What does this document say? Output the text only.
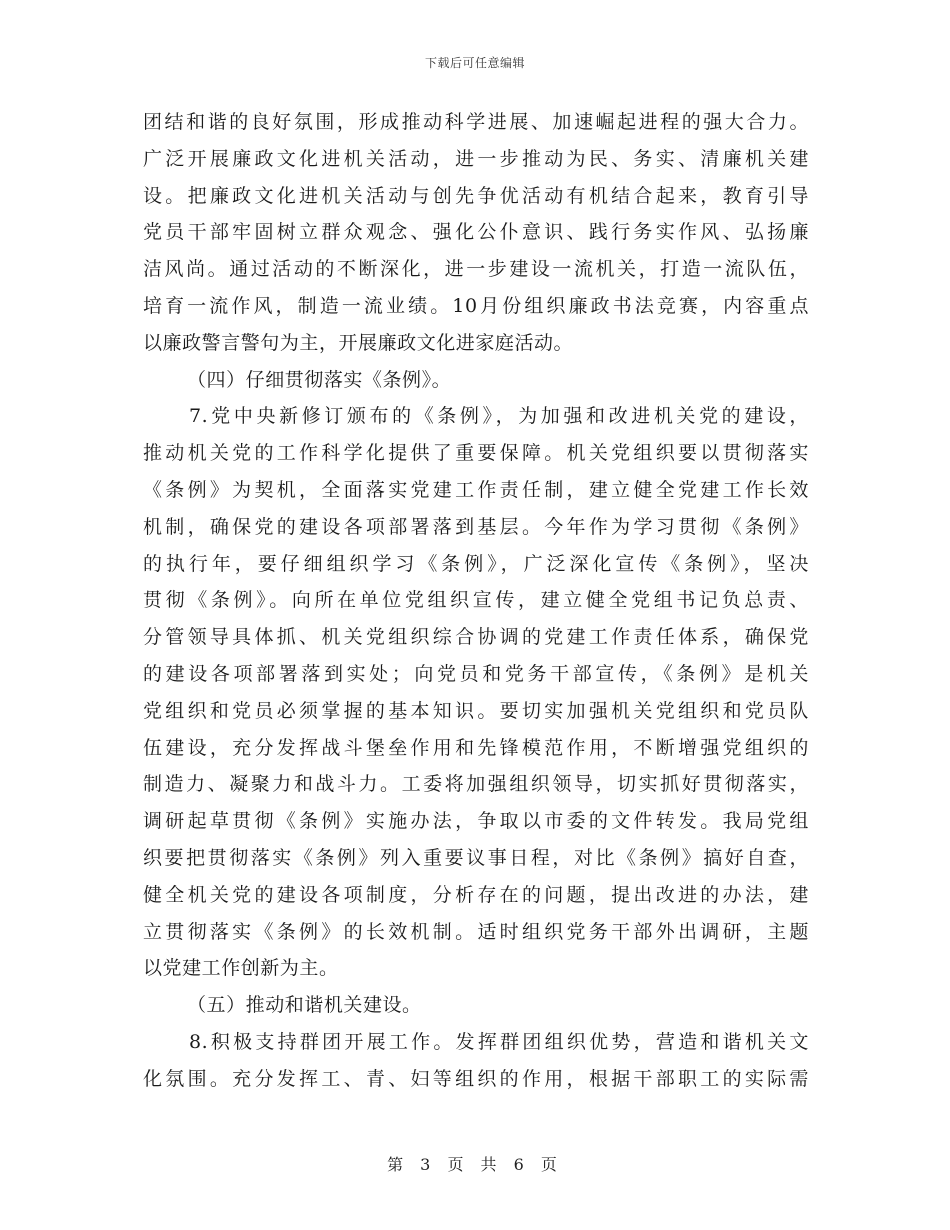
下载后可任意编辑
团结和谐的良好氛围，形成推动科学进展、加速崛起进程的强大合力。
广泛开展廉政文化进机关活动，进一步推动为民、务实、清廉机关建
设。把廉政文化进机关活动与创先争优活动有机结合起来，教育引导
党员干部牢固树立群众观念、强化公仆意识、践行务实作风、弘扬廉
洁风尚。通过活动的不断深化，进一步建设一流机关，打造一流队伍，
培育一流作风，制造一流业绩。10月份组织廉政书法竞赛，内容重点
以廉政警言警句为主，开展廉政文化进家庭活动。
（四）仔细贯彻落实《条例》。
7.党中央新修订颁布的《条例》，为加强和改进机关党的建设，
推动机关党的工作科学化提供了重要保障。机关党组织要以贯彻落实
《条例》为契机，全面落实党建工作责任制，建立健全党建工作长效
机制，确保党的建设各项部署落到基层。今年作为学习贯彻《条例》
的执行年，要仔细组织学习《条例》，广泛深化宣传《条例》，坚决
贯彻《条例》。向所在单位党组织宣传，建立健全党组书记负总责、
分管领导具体抓、机关党组织综合协调的党建工作责任体系，确保党
的建设各项部署落到实处；向党员和党务干部宣传，《条例》是机关
党组织和党员必须掌握的基本知识。要切实加强机关党组织和党员队
伍建设，充分发挥战斗堡垒作用和先锋模范作用，不断增强党组织的
制造力、凝聚力和战斗力。工委将加强组织领导，切实抓好贯彻落实，
调研起草贯彻《条例》实施办法，争取以市委的文件转发。我局党组
织要把贯彻落实《条例》列入重要议事日程，对比《条例》搞好自查，
健全机关党的建设各项制度，分析存在的问题，提出改进的办法，建
立贯彻落实《条例》的长效机制。适时组织党务干部外出调研，主题
以党建工作创新为主。
（五）推动和谐机关建设。
8.积极支持群团开展工作。发挥群团组织优势，营造和谐机关文
化氛围。充分发挥工、青、妇等组织的作用，根据干部职工的实际需
第 3 页 共 6 页
